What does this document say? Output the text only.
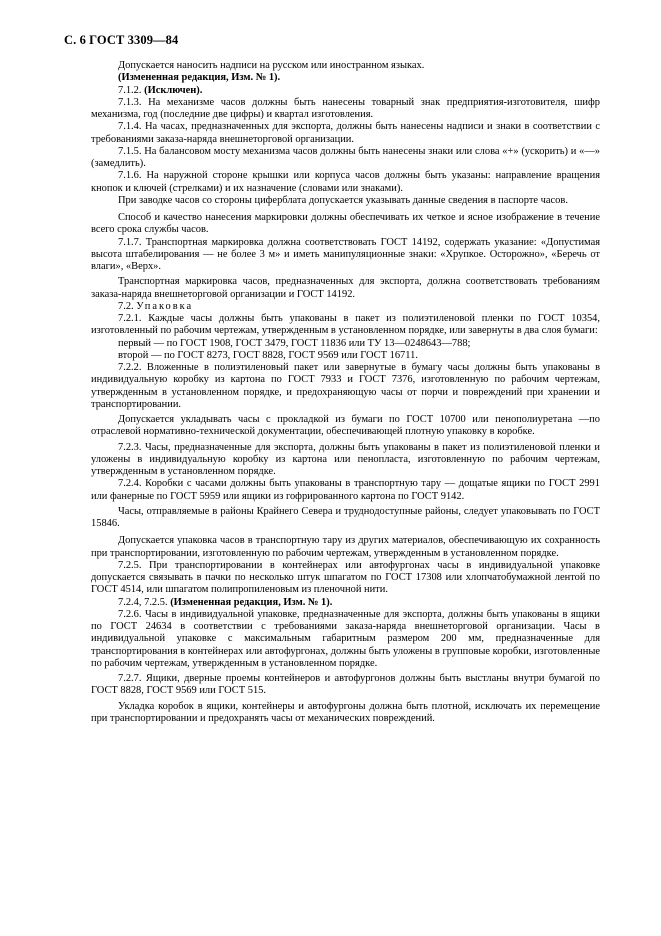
С. 6 ГОСТ 3309—84

Допускается наносить надписи на русском или иностранном языках.

(Измененная редакция, Изм. № 1).

7.1.2. (Исключен).

7.1.3. На механизме часов должны быть нанесены товарный знак предприятия-изготовителя, шифр механизма, год (последние две цифры) и квартал изготовления.

7.1.4. На часах, предназначенных для экспорта, должны быть нанесены надписи и знаки в соответствии с требованиями заказа-наряда внешнеторговой организации.

7.1.5. На балансовом мосту механизма часов должны быть нанесены знаки или слова «+» (ускорить) и «—» (замедлить).

7.1.6. На наружной стороне крышки или корпуса часов должны быть указаны: направление вращения кнопок и ключей (стрелками) и их назначение (словами или знаками).

При заводке часов со стороны циферблата допускается указывать данные сведения в паспорте часов.

Способ и качество нанесения маркировки должны обеспечивать их четкое и ясное изображение в течение всего срока службы часов.

7.1.7. Транспортная маркировка должна соответствовать ГОСТ 14192, содержать указание: «Допустимая высота штабелирования — не более 3 м» и иметь манипуляционные знаки: «Хрупкое. Осторожно», «Беречь от влаги», «Верх».

Транспортная маркировка часов, предназначенных для экспорта, должна соответствовать требованиям заказа-наряда внешнеторговой организации и ГОСТ 14192.

7.2. Упаковка

7.2.1. Каждые часы должны быть упакованы в пакет из полиэтиленовой пленки по ГОСТ 10354, изготовленный по рабочим чертежам, утвержденным в установленном порядке, или завернуты в два слоя бумаги:

первый — по ГОСТ 1908, ГОСТ 3479, ГОСТ 11836 или ТУ 13—0248643—788;

второй — по ГОСТ 8273, ГОСТ 8828, ГОСТ 9569 или ГОСТ 16711.

7.2.2. Вложенные в полиэтиленовый пакет или завернутые в бумагу часы должны быть упакованы в индивидуальную коробку из картона по ГОСТ 7933 и ГОСТ 7376, изготовленную по рабочим чертежам, утвержденным в установленном порядке, и предохраняющую часы от порчи и повреждений при хранении и транспортировании.

Допускается укладывать часы с прокладкой из бумаги по ГОСТ 10700 или пенополиуретана —по отраслевой нормативно-технической документации, обеспечивающей плотную упаковку в коробке.

7.2.3. Часы, предназначенные для экспорта, должны быть упакованы в пакет из полиэтиленовой пленки и уложены в индивидуальную коробку из картона или пенопласта, изготовленную по рабочим чертежам, утвержденным в установленном порядке.

7.2.4. Коробки с часами должны быть упакованы в транспортную тару — дощатые ящики по ГОСТ 2991 или фанерные по ГОСТ 5959 или ящики из гофрированного картона по ГОСТ 9142.

Часы, отправляемые в районы Крайнего Севера и труднодоступные районы, следует упаковывать по ГОСТ 15846.

Допускается упаковка часов в транспортную тару из других материалов, обеспечивающую их сохранность при транспортировании, изготовленную по рабочим чертежам, утвержденным в установленном порядке.

7.2.5. При транспортировании в контейнерах или автофургонах часы в индивидуальной упаковке допускается связывать в пачки по несколько штук шпагатом по ГОСТ 17308 или хлопчатобумажной лентой по ГОСТ 4514, или шпагатом полипропиленовым из пленочной нити.

7.2.4, 7.2.5. (Измененная редакция, Изм. № 1).

7.2.6. Часы в индивидуальной упаковке, предназначенные для экспорта, должны быть упакованы в ящики по ГОСТ 24634 в соответствии с требованиями заказа-наряда внешнеторговой организации. Часы в индивидуальной упаковке с максимальным габаритным размером 200 мм, предназначенные для транспортирования в контейнерах или автофургонах, должны быть уложены в групповые коробки, изготовленные по рабочим чертежам, утвержденным в установленном порядке.

7.2.7. Ящики, дверные проемы контейнеров и автофургонов должны быть выстланы внутри бумагой по ГОСТ 8828, ГОСТ 9569 или ГОСТ 515.

Укладка коробок в ящики, контейнеры и автофургоны должна быть плотной, исключать их перемещение при транспортировании и предохранять часы от механических повреждений.
